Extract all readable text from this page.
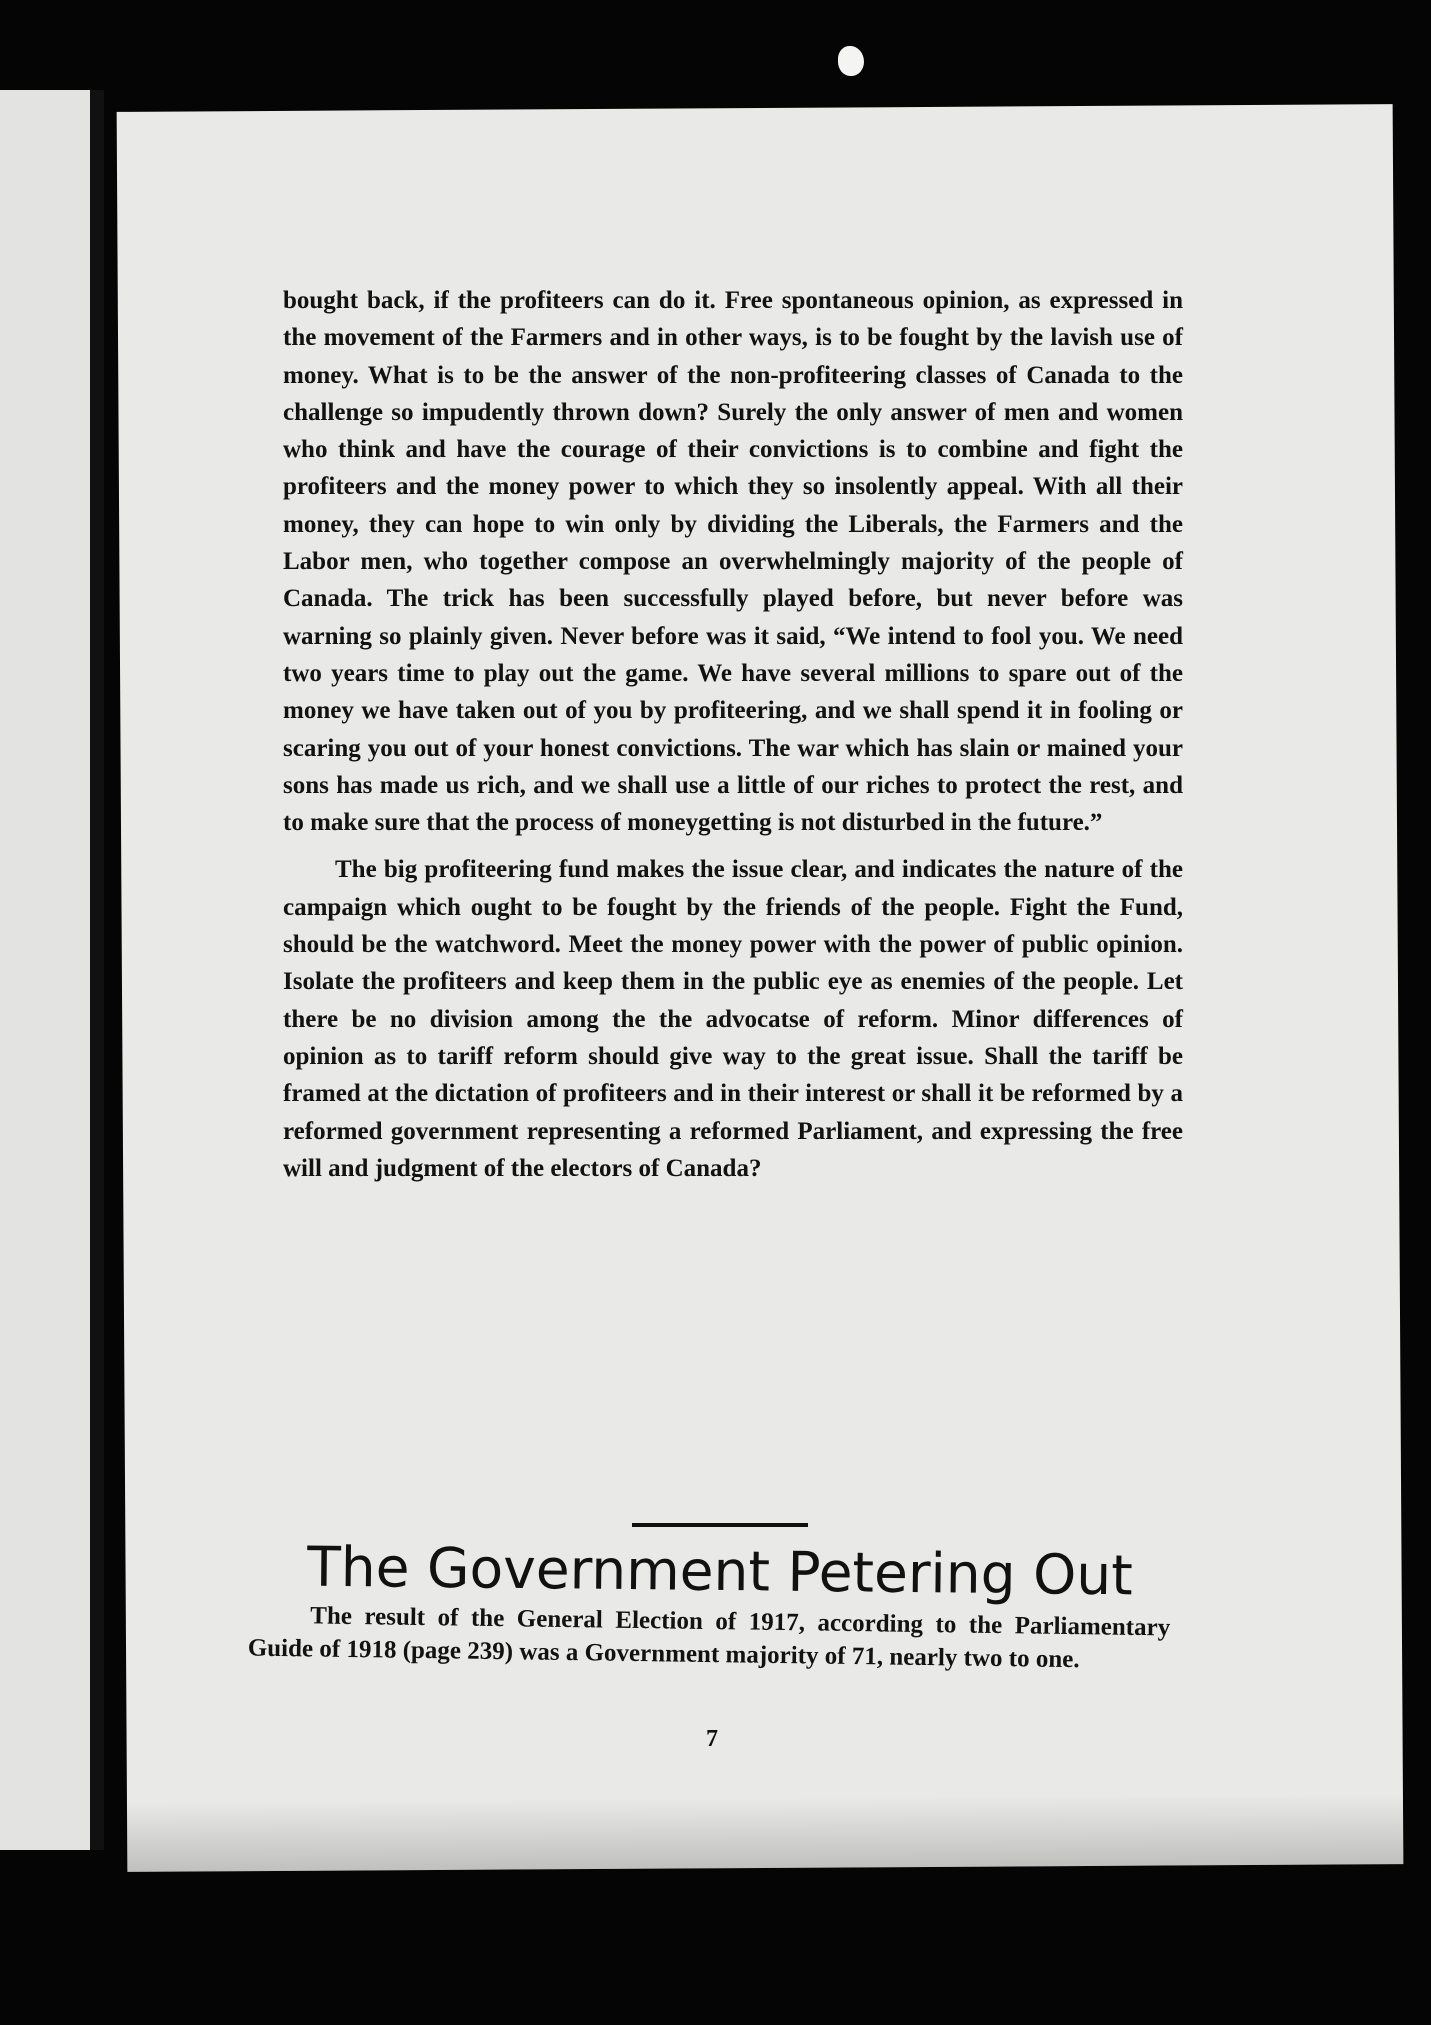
bought back, if the profiteers can do it. Free spontaneous opinion, as expressed in the movement of the Farmers and in other ways, is to be fought by the lavish use of money. What is to be the answer of the non-profiteering classes of Canada to the challenge so impudently thrown down? Surely the only answer of men and women who think and have the courage of their convictions is to combine and fight the profiteers and the money power to which they so insolently appeal. With all their money, they can hope to win only by dividing the Liberals, the Farmers and the Labor men, who together compose an overwhelmingly majority of the people of Canada. The trick has been successfully played before, but never before was warning so plainly given. Never before was it said, “We intend to fool you. We need two years time to play out the game. We have several millions to spare out of the money we have taken out of you by profiteering, and we shall spend it in fooling or scaring you out of your honest convictions. The war which has slain or mained your sons has made us rich, and we shall use a little of our riches to protect the rest, and to make sure that the process of moneygetting is not disturbed in the future.”

The big profiteering fund makes the issue clear, and indicates the nature of the campaign which ought to be fought by the friends of the people. Fight the Fund, should be the watchword. Meet the money power with the power of public opinion. Isolate the profiteers and keep them in the public eye as enemies of the people. Let there be no division among the the advocatse of reform. Minor differences of opinion as to tariff reform should give way to the great issue. Shall the tariff be framed at the dictation of profiteers and in their interest or shall it be reformed by a reformed government representing a reformed Parliament, and expressing the free will and judgment of the electors of Canada?

The Government Petering Out

The result of the General Election of 1917, according to the Parliamentary Guide of 1918 (page 239) was a Government majority of 71, nearly two to one.

7
